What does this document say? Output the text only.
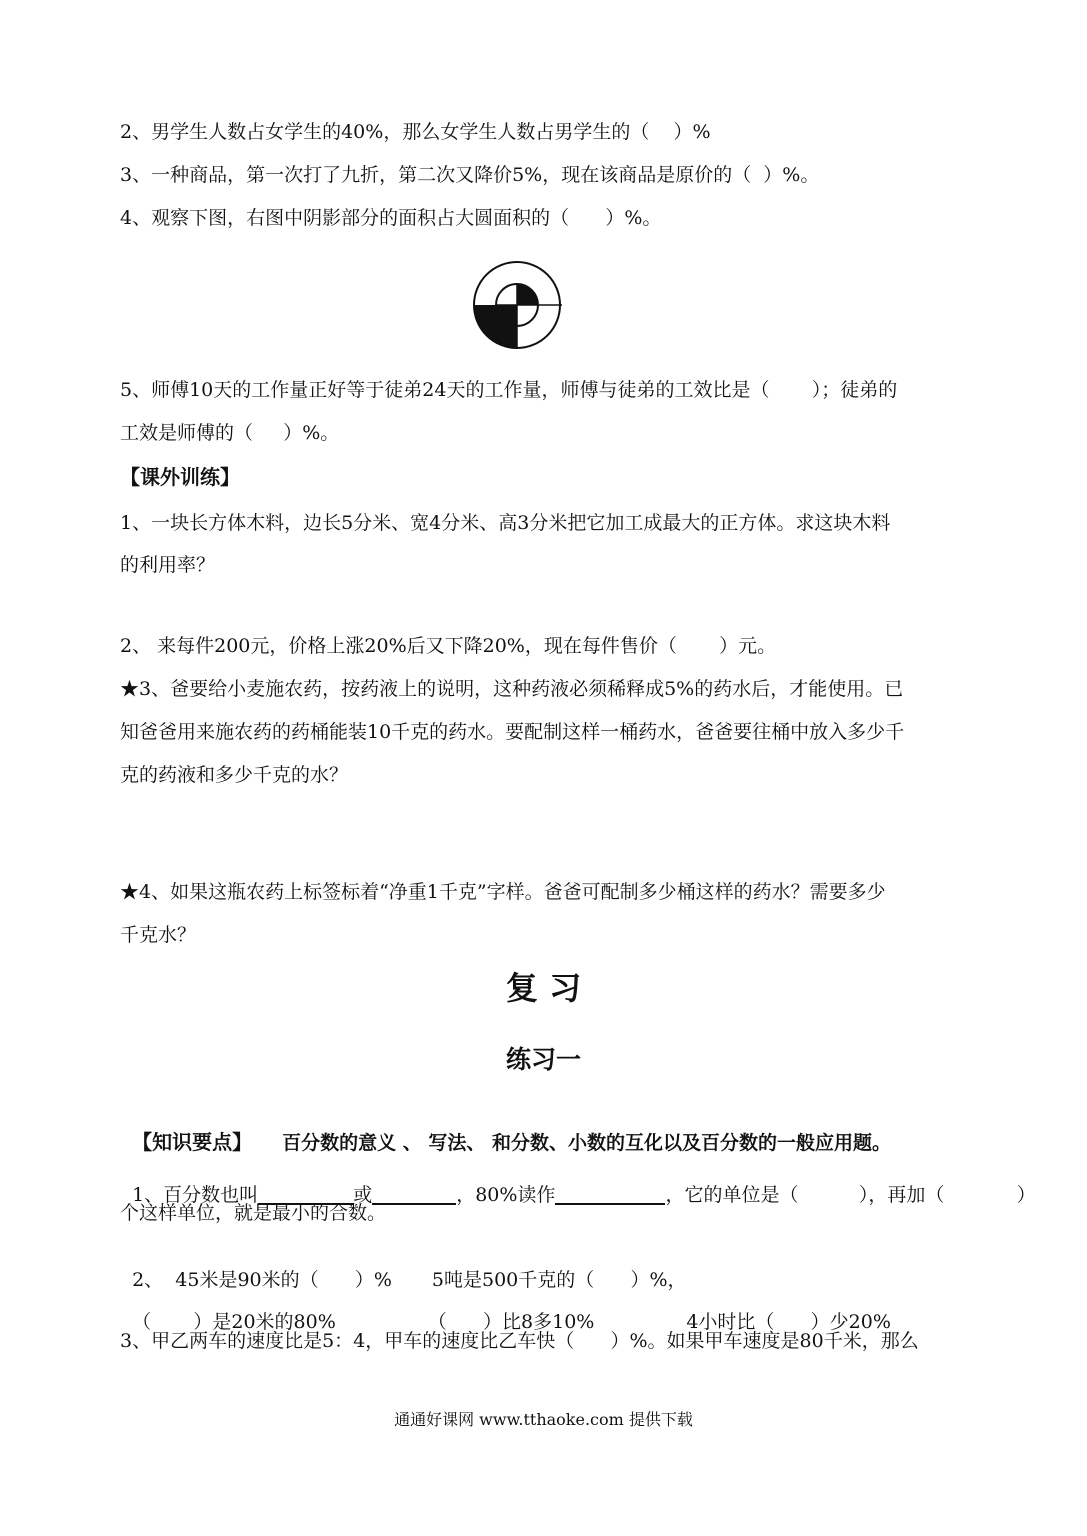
2、男学生人数占女学生的40%，那么女学生人数占男学生的（    ）%
3、一种商品，第一次打了九折，第二次又降价5%，现在该商品是原价的（  ）%。
4、观察下图，右图中阴影部分的面积占大圆面积的（      ）%。
5、师傅10天的工作量正好等于徒弟24天的工作量，师傅与徒弟的工效比是（       ）；徒弟的
工效是师傅的（     ）%。
【课外训练】
1、一块长方体木料，边长5分米、宽4分米、高3分米把它加工成最大的正方体。求这块木料
的利用率？
2、 来每件200元，价格上涨20%后又下降20%，现在每件售价（       ）元。
★3、爸要给小麦施农药，按药液上的说明，这种药液必须稀释成5%的药水后，才能使用。已
知爸爸用来施农药的药桶能装10千克的药水。要配制这样一桶药水，爸爸要往桶中放入多少千
克的药液和多少千克的水？
★4、如果这瓶农药上标签标着“净重1千克”字样。爸爸可配制多少桶这样的药水？需要多少
千克水？
复 习
练习一

【知识要点】 百分数的意义 、 写法、 和分数、小数的互化以及百分数的一般应用题。

1、百分数也叫	或	，80%读作	，它的单位是（          ），再加（            ）

个这样单位，就是最小的合数。

2、  45米是90米的（      ）% 5吨是500千克的（      ）%，

（       ）是20米的80%	（      ）比8多10%	4小时比（      ）少20%

3、甲乙两车的速度比是5：4，甲车的速度比乙车快（      ）%。如果甲车速度是80千米，那么
通通好课网 www.tthaoke.com 提供下载
